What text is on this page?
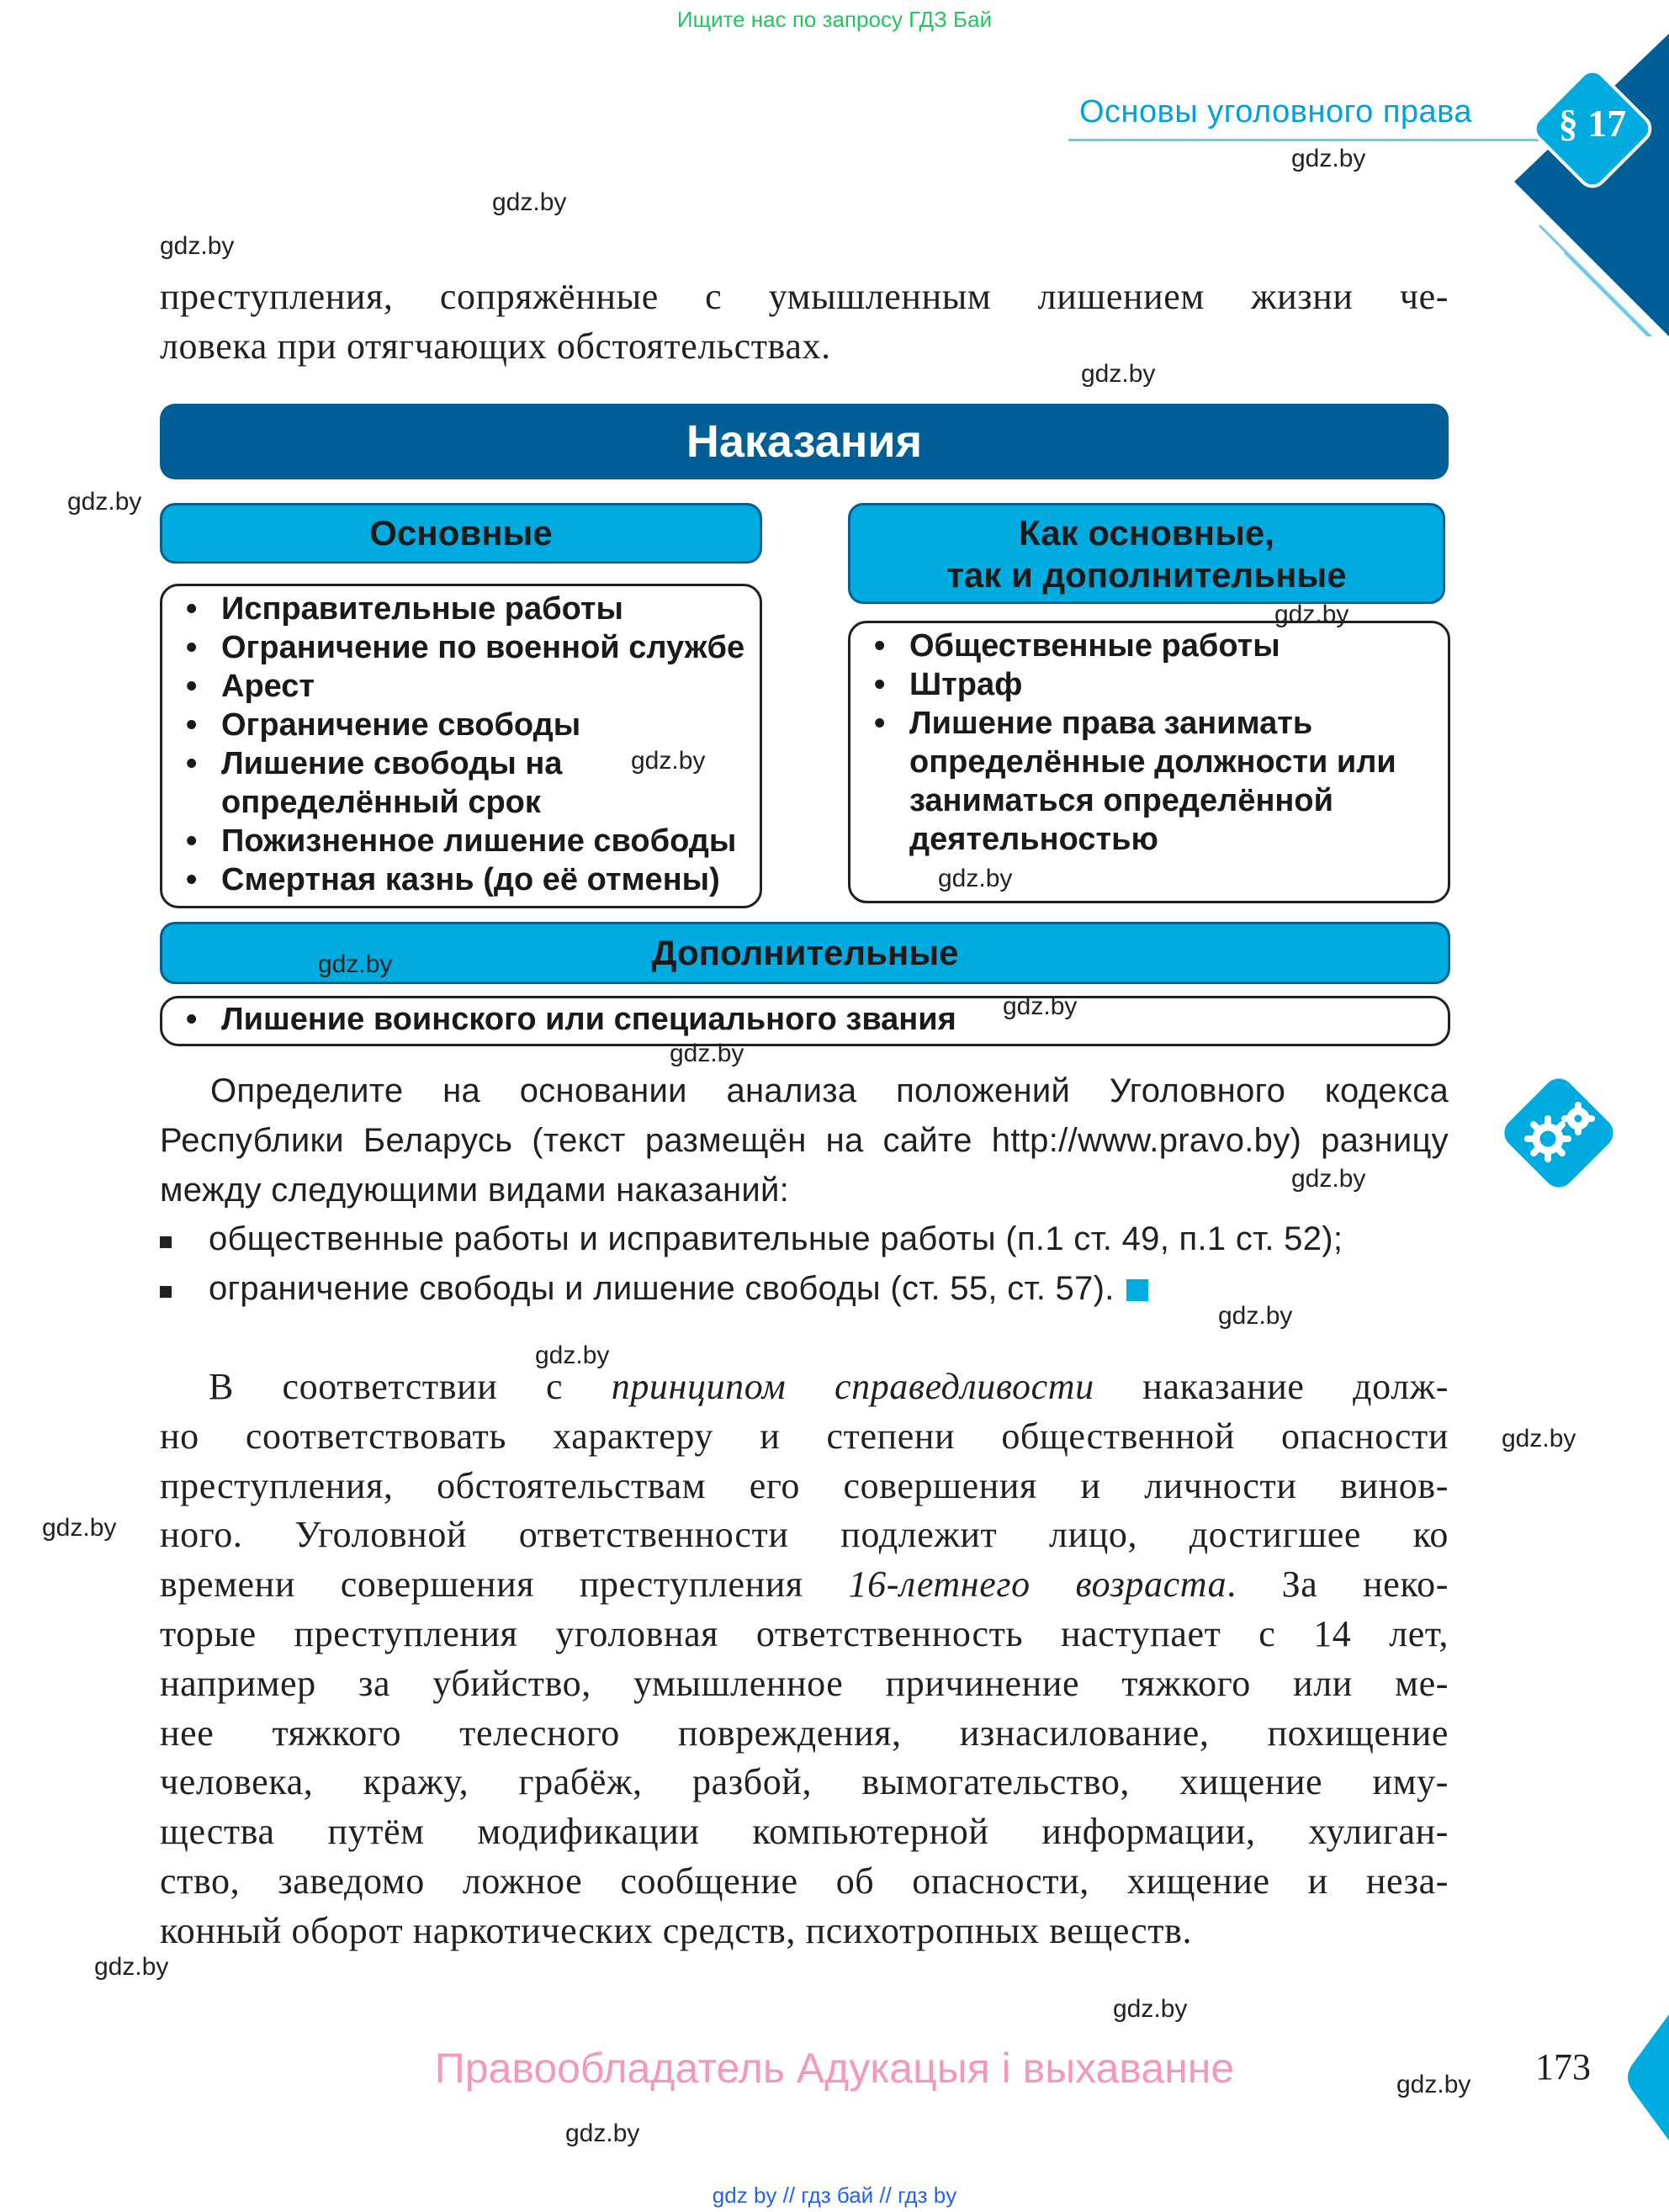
Ищите нас по запросу ГДЗ Бай
Основы уголовного права	§ 17
преступления, сопряжённые с умышленным лишением жизни че-
ловека при отягчающих обстоятельствах.
Наказания
Основные	Как основные,
так и дополнительные
• Исправительные работы
• Ограничение по военной службе
• Арест
• Ограничение свободы
• Лишение свободы на определённый срок
• Пожизненное лишение свободы
• Смертная казнь (до её отмены)
• Общественные работы
• Штраф
• Лишение права занимать определённые должности или заниматься определённой деятельностью
Дополнительные
• Лишение воинского или специального звания
Определите на основании анализа положений Уголовного кодекса
Республики Беларусь (текст размещён на сайте http://www.pravo.by) разницу
между следующими видами наказаний:
общественные работы и исправительные работы (п.1 ст. 49, п.1 ст. 52);
ограничение свободы и лишение свободы (ст. 55, ст. 57).
В соответствии с принципом справедливости наказание долж-
но соответствовать характеру и степени общественной опасности
преступления, обстоятельствам его совершения и личности винов-
ного. Уголовной ответственности подлежит лицо, достигшее ко
времени совершения преступления 16-летнего возраста. За неко-
торые преступления уголовная ответственность наступает с 14 лет,
например за убийство, умышленное причинение тяжкого или ме-
нее тяжкого телесного повреждения, изнасилование, похищение
человека, кражу, грабёж, разбой, вымогательство, хищение иму-
щества путём модификации компьютерной информации, хулиган-
ство, заведомо ложное сообщение об опасности, хищение и неза-
конный оборот наркотических средств, психотропных веществ.
gdz.by
gdz.by
gdz.by
gdz.by
gdz.by
gdz.by
gdz.by
gdz.by
gdz.by
gdz.by
gdz.by
gdz.by
gdz.by
gdz.by
gdz.by
gdz.by
gdz.by
gdz.by
gdz.by
gdz.by
Правообладатель Адукацыя і выхаванне	173
gdz by // гдз бай // гдз by
